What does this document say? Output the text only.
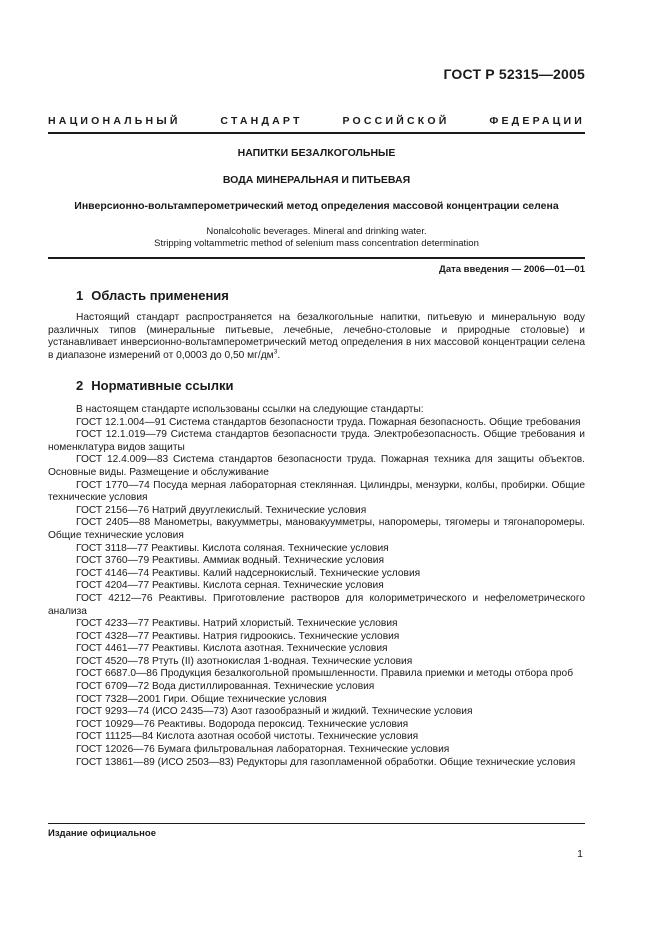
ГОСТ Р 52315—2005
НАЦИОНАЛЬНЫЙ СТАНДАРТ РОССИЙСКОЙ ФЕДЕРАЦИИ
НАПИТКИ БЕЗАЛКОГОЛЬНЫЕ
ВОДА МИНЕРАЛЬНАЯ И ПИТЬЕВАЯ
Инверсионно-вольтамперометрический метод определения массовой концентрации селена
Nonalcoholic beverages. Mineral and drinking water.
Stripping voltammetric method of selenium mass concentration determination
Дата введения — 2006—01—01
1 Область применения
Настоящий стандарт распространяется на безалкогольные напитки, питьевую и минеральную воду различных типов (минеральные питьевые, лечебные, лечебно-столовые и природные столовые) и устанавливает инверсионно-вольтамперометрический метод определения в них массовой концентрации селена в диапазоне измерений от 0,0003 до 0,50 $мг/дм^3$.
2 Нормативные ссылки

В настоящем стандарте использованы ссылки на следующие стандарты:

ГОСТ 12.1.004—91 Система стандартов безопасности труда. Пожарная безопасность. Общие требования

ГОСТ 12.1.019—79 Система стандартов безопасности труда. Электробезопасность. Общие требования и номенклатура видов защиты

ГОСТ 12.4.009—83 Система стандартов безопасности труда. Пожарная техника для защиты объектов. Основные виды. Размещение и обслуживание

ГОСТ 1770—74 Посуда мерная лабораторная стеклянная. Цилиндры, мензурки, колбы, пробирки. Общие технические условия

ГОСТ 2156—76 Натрий двууглекислый. Технические условия

ГОСТ 2405—88 Манометры, вакуумметры, мановакуумметры, напоромеры, тягомеры и тягонапоромеры. Общие технические условия

ГОСТ 3118—77 Реактивы. Кислота соляная. Технические условия

ГОСТ 3760—79 Реактивы. Аммиак водный. Технические условия

ГОСТ 4146—74 Реактивы. Калий надсернокислый. Технические условия

ГОСТ 4204—77 Реактивы. Кислота серная. Технические условия

ГОСТ 4212—76 Реактивы. Приготовление растворов для колориметрического и нефелометрического анализа

ГОСТ 4233—77 Реактивы. Натрий хлористый. Технические условия

ГОСТ 4328—77 Реактивы. Натрия гидроокись. Технические условия

ГОСТ 4461—77 Реактивы. Кислота азотная. Технические условия

ГОСТ 4520—78 Ртуть (II) азотнокислая 1-водная. Технические условия

ГОСТ 6687.0—86 Продукция безалкогольной промышленности. Правила приемки и методы отбора проб

ГОСТ 6709—72 Вода дистиллированная. Технические условия

ГОСТ 7328—2001 Гири. Общие технические условия

ГОСТ 9293—74 (ИСО 2435—73) Азот газообразный и жидкий. Технические условия

ГОСТ 10929—76 Реактивы. Водорода пероксид. Технические условия

ГОСТ 11125—84 Кислота азотная особой чистоты. Технические условия

ГОСТ 12026—76 Бумага фильтровальная лабораторная. Технические условия

ГОСТ 13861—89 (ИСО 2503—83) Редукторы для газопламенной обработки. Общие технические условия

Издание официальное
1
